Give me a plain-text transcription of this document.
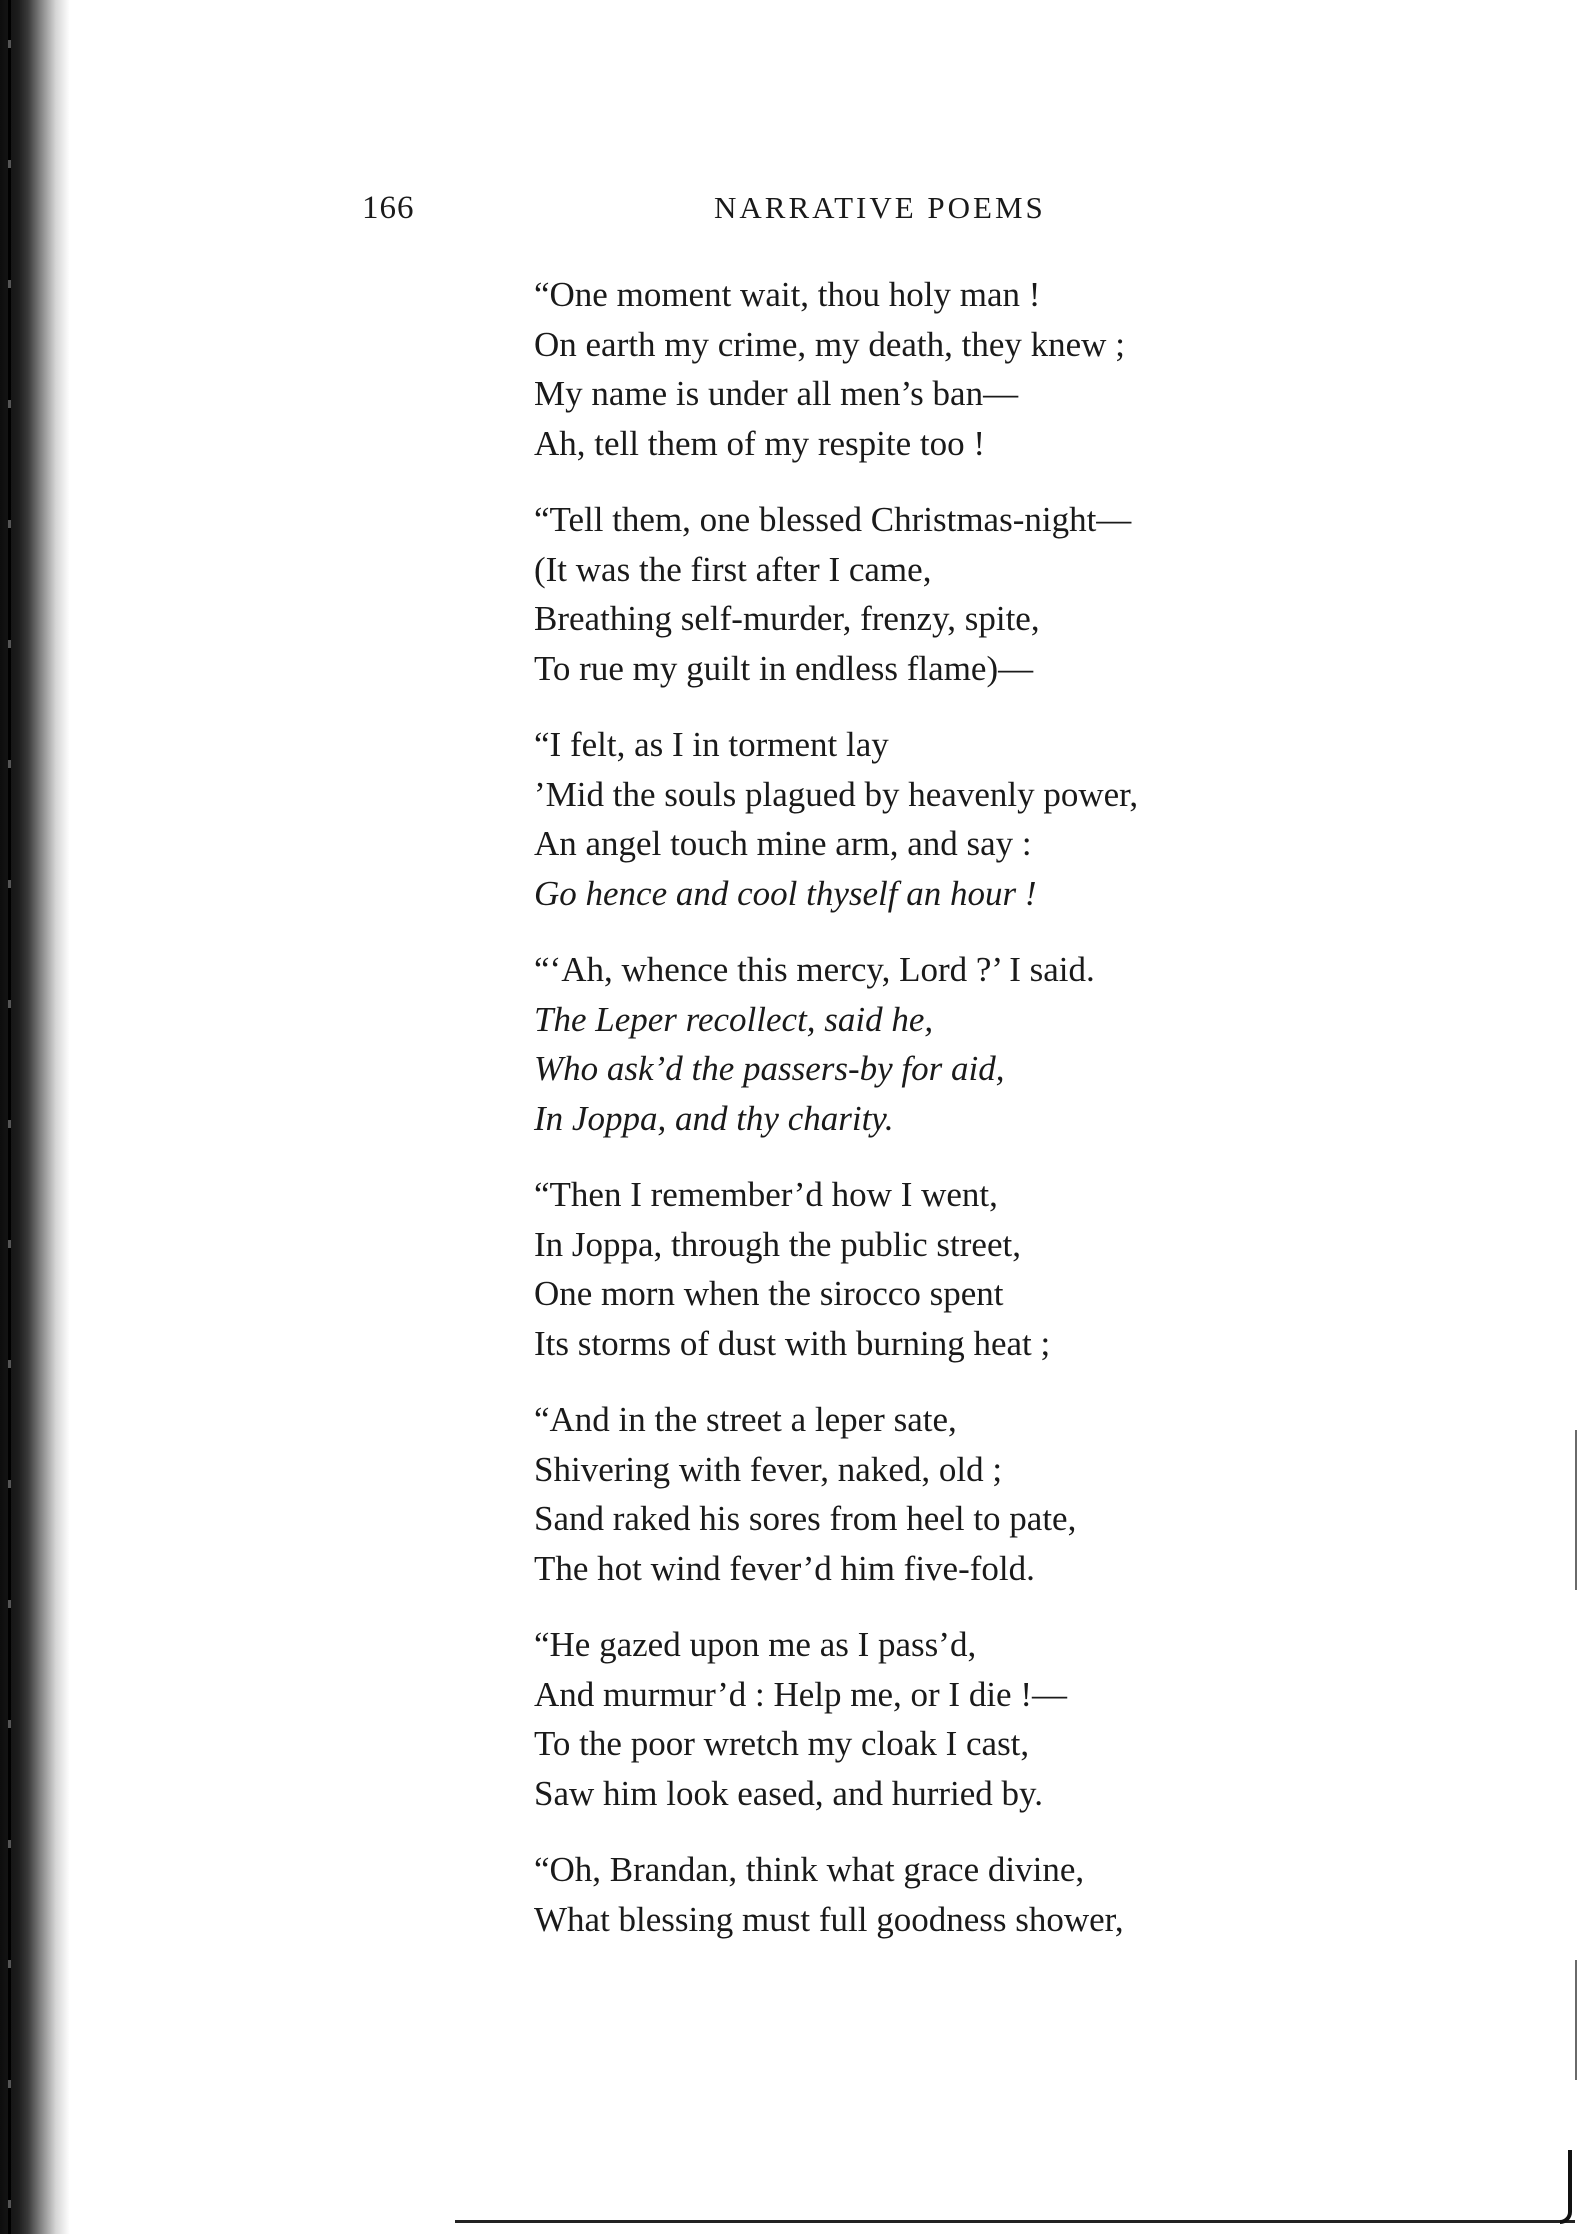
166	NARRATIVE POEMS
“One moment wait, thou holy man !
On earth my crime, my death, they knew ;
My name is under all men’s ban—
Ah, tell them of my respite too !
“Tell them, one blessed Christmas-night—
(It was the first after I came,
Breathing self-murder, frenzy, spite,
To rue my guilt in endless flame)—
“I felt, as I in torment lay
’Mid the souls plagued by heavenly power,
An angel touch mine arm, and say :
Go hence and cool thyself an hour !
“‘Ah, whence this mercy, Lord ?’ I said.
The Leper recollect, said he,
Who ask’d the passers-by for aid,
In Joppa, and thy charity.
“Then I remember’d how I went,
In Joppa, through the public street,
One morn when the sirocco spent
Its storms of dust with burning heat ;
“And in the street a leper sate,
Shivering with fever, naked, old ;
Sand raked his sores from heel to pate,
The hot wind fever’d him five-fold.
“He gazed upon me as I pass’d,
And murmur’d : Help me, or I die !—
To the poor wretch my cloak I cast,
Saw him look eased, and hurried by.
“Oh, Brandan, think what grace divine,
What blessing must full goodness shower,
